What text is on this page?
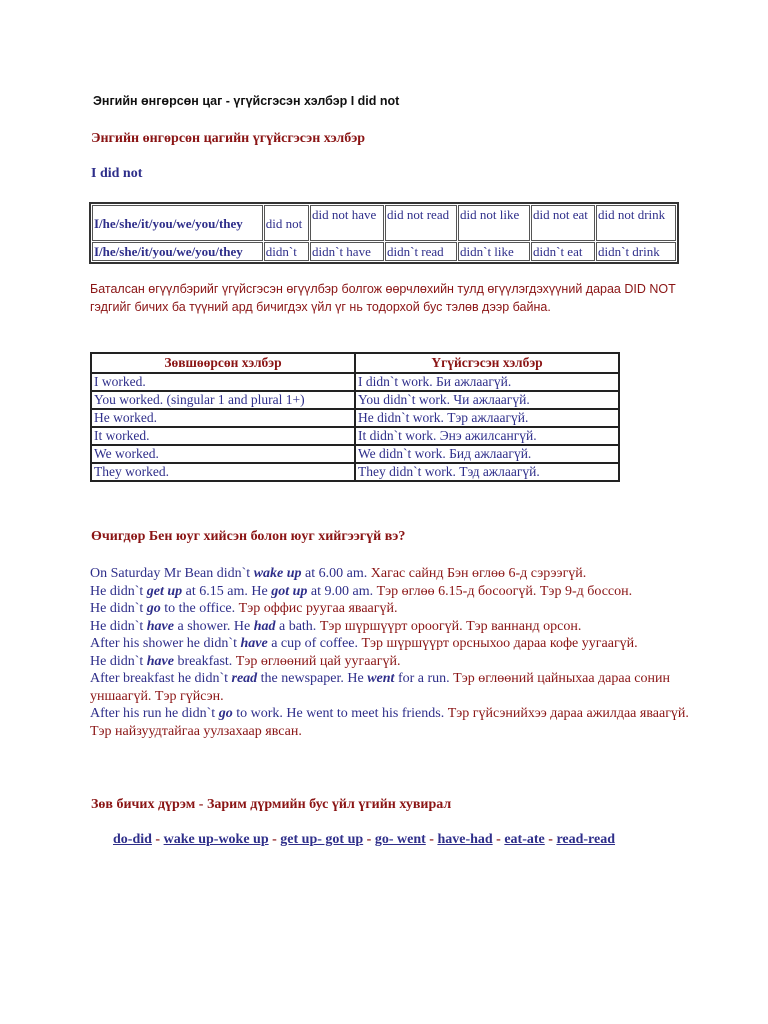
Энгийн өнгөрсөн цаг - үгүйсгэсэн хэлбэр I did not
Энгийн өнгөрсөн цагийн үгүйсгэсэн хэлбэр
I did not
I/he/she/it/you/we/you/they	did not	did not have	did not read	did not like	did not eat	did not drink
I/he/she/it/you/we/you/they	didn`t	didn`t have	didn`t read	didn`t like	didn`t eat	didn`t drink
Баталсан өгүүлбэрийг үгүйсгэсэн өгүүлбэр болгож өөрчлөхийн тулд өгүүлэгдэхүүний дараа DID NOT гэдгийг бичих ба түүний ард бичигдэх үйл үг нь тодорхой бус тэлөв дээр байна.
Зөвшөөрсөн хэлбэр	Үгүйсгэсэн хэлбэр
I worked.	I didn`t work. Би ажлаагүй.
You worked. (singular 1 and plural 1+)	You didn`t work. Чи ажлаагүй.
He worked.	He didn`t work. Тэр ажлаагүй.
It worked.	It didn`t work. Энэ ажилсангүй.
We worked.	We didn`t work. Бид ажлаагүй.
They worked.	They didn`t work. Тэд ажлаагүй.
Өчигдөр Бен юуг хийсэн болон юуг хийгээгүй вэ?
On Saturday Mr Bean didn`t wake up at 6.00 am. Хагас сайнд Бэн өглөө 6-д сэрээгүй.
He didn`t get up at 6.15 am. He got up at 9.00 am. Тэр өглөө 6.15-д босоогүй. Тэр 9-д боссон.
He didn`t go to the office. Тэр оффис руугаа яваагүй.
He didn`t have a shower. He had a bath. Тэр шүршүүрт ороогүй. Тэр ваннанд орсон.
After his shower he didn`t have a cup of coffee. Тэр шүршүүрт орсныхоо дараа кофе уугаагүй.
He didn`t have breakfast. Тэр өглөөний цай уугаагүй.
After breakfast he didn`t read the newspaper. He went for a run. Тэр өглөөний цайныхаа дараа сонин уншаагүй. Тэр гүйсэн.
After his run he didn`t go to work. He went to meet his friends. Тэр гүйсэнийхээ дараа ажилдаа яваагүй. Тэр найзуудтайгаа уулзахаар явсан.
Зөв бичих дүрэм - Зарим дүрмийн бус үйл үгийн хувирал
do-did - wake up-woke up - get up- got up - go- went - have-had - eat-ate - read-read
